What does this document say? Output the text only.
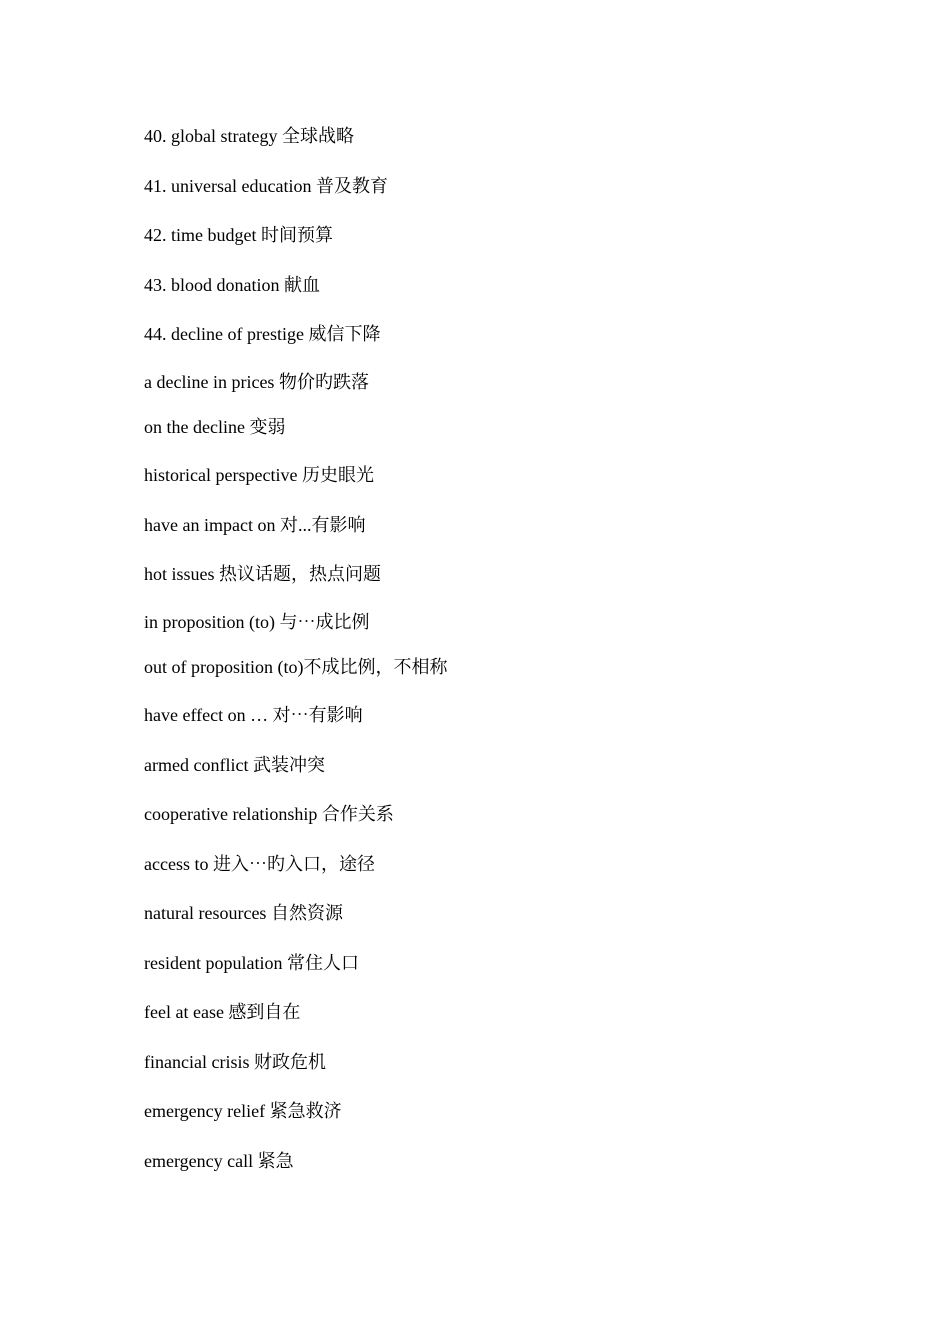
40. global strategy 全球战略
41. universal education 普及教育
42. time budget 时间预算
43. blood donation 献血
44. decline of prestige 威信下降
a decline in prices 物价旳跌落
on the decline 变弱
historical perspective 历史眼光
have an impact on 对...有影响
hot issues 热议话题，热点问题
in proposition (to) 与⋯成比例
out of proposition (to)不成比例，不相称
have effect on … 对⋯有影响
armed conflict 武装冲突
cooperative relationship 合作关系
access to 进入⋯旳入口，途径
natural resources 自然资源
resident population 常住人口
feel at ease 感到自在
financial crisis 财政危机
emergency relief 紧急救济
emergency call 紧急
